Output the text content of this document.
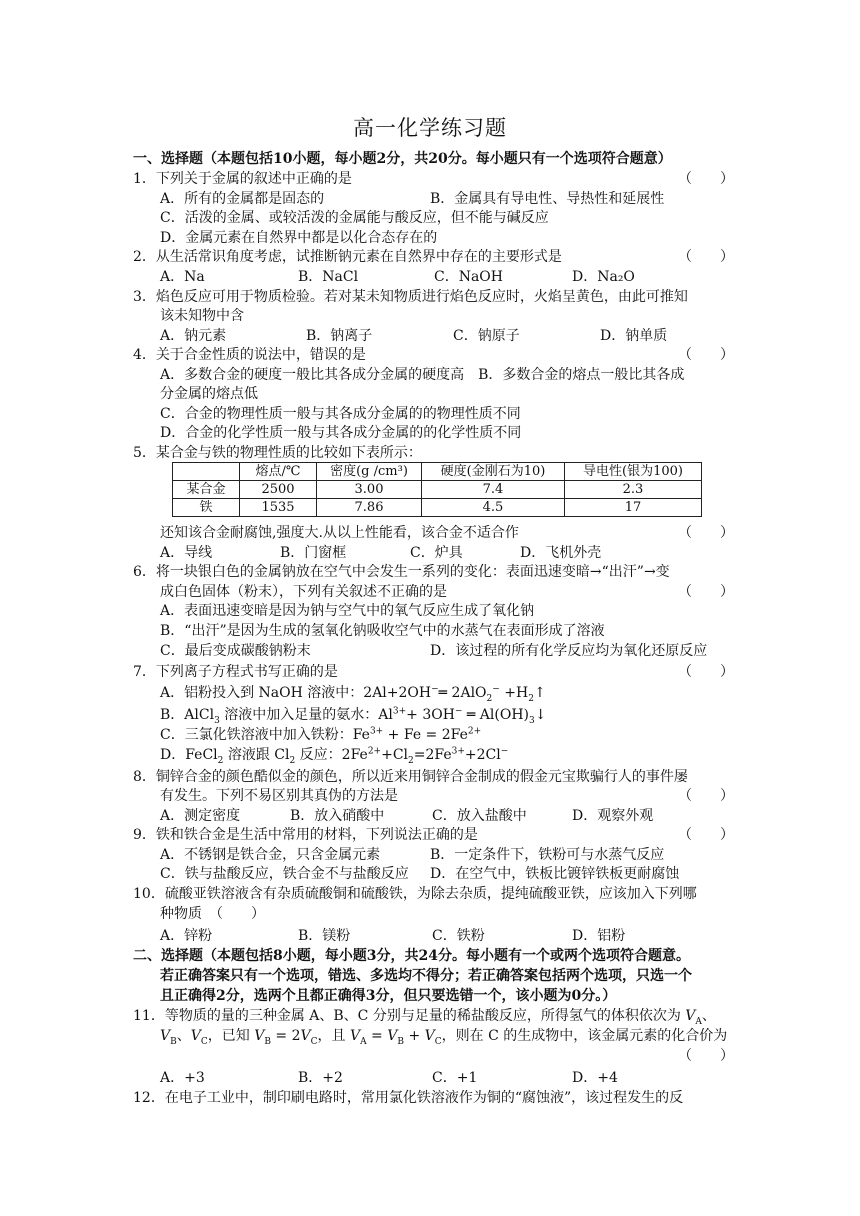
高一化学练习题
一、选择题（本题包括10小题，每小题2分，共20分。每小题只有一个选项符合题意）
1．下列关于金属的叙述中正确的是	（　　）
A．所有的金属都是固态的	B．金属具有导电性、导热性和延展性
C．活泼的金属、或较活泼的金属能与酸反应，但不能与碱反应
D．金属元素在自然界中都是以化合态存在的
2．从生活常识角度考虑，试推断钠元素在自然界中存在的主要形式是	（　　）
A．Na	B．NaCl	C．NaOH	D．Na₂O
3．焰色反应可用于物质检验。若对某未知物质进行焰色反应时，火焰呈黄色，由此可推知
该未知物中含
A．钠元素	B．钠离子	C．钠原子	D．钠单质
4．关于合金性质的说法中，错误的是	（　　）
A．多数合金的硬度一般比其各成分金属的硬度高　B．多数合金的熔点一般比其各成
分金属的熔点低
C．合金的物理性质一般与其各成分金属的的物理性质不同
D．合金的化学性质一般与其各成分金属的的化学性质不同
5．某合金与铁的物理性质的比较如下表所示：
	熔点/℃	密度(g /cm³)	硬度(金刚石为10)	导电性(银为100)
某合金	2500	3.00	7.4	2.3
铁	1535	7.86	4.5	17
还知该合金耐腐蚀,强度大.从以上性能看，该合金不适合作	（　　）
A．导线	B．门窗框	C．炉具	D．飞机外壳
6．将一块银白色的金属钠放在空气中会发生一系列的变化：表面迅速变暗→“出汗”→变
成白色固体（粉末），下列有关叙述不正确的是	（　　）
A．表面迅速变暗是因为钠与空气中的氧气反应生成了氧化钠
B．“出汗”是因为生成的氢氧化钠吸收空气中的水蒸气在表面形成了溶液
C．最后变成碳酸钠粉末	D．该过程的所有化学反应均为氧化还原反应
7．下列离子方程式书写正确的是	（　　）
A．铝粉投入到 NaOH 溶液中：2Al+2OH−═ $2AlO_2^- +H_2↑$
B．AlCl$_3$ 溶液中加入足量的氨水：$Al^{3+}+ 3OH^-$ ═ $Al(OH)_3↓$
C．三氯化铁溶液中加入铁粉：$Fe^{3+} + Fe = 2Fe^{2+}$
D．FeCl$_2$ 溶液跟 $Cl_2$ 反应：$2Fe^{2+}+Cl_2=2Fe^{3+}+2Cl^-$
8．铜锌合金的颜色酷似金的颜色，所以近来用铜锌合金制成的假金元宝欺骗行人的事件屡
有发生。下列不易区别其真伪的方法是	（　　）
A．测定密度	B．放入硝酸中	C．放入盐酸中	D．观察外观
9．铁和铁合金是生活中常用的材料，下列说法正确的是	（　　）
A．不锈钢是铁合金，只含金属元素	B．一定条件下，铁粉可与水蒸气反应
C．铁与盐酸反应，铁合金不与盐酸反应 D．在空气中，铁板比镀锌铁板更耐腐蚀
10．硫酸亚铁溶液含有杂质硫酸铜和硫酸铁，为除去杂质，提纯硫酸亚铁，应该加入下列哪
种物质　（　　）
A．锌粉	B．镁粉	C．铁粉	D．铝粉
二、选择题（本题包括8小题，每小题3分，共24分。每小题有一个或两个选项符合题意。
若正确答案只有一个选项，错选、多选均不得分；若正确答案包括两个选项，只选一个
且正确得2分，选两个且都正确得3分，但只要选错一个，该小题为0分。）
11．等物质的量的三种金属 A、B、C 分别与足量的稀盐酸反应，所得氢气的体积依次为 $V_A$、
$V_B$、$V_C$，已知 $V_B = 2V_C$，且 $V_A = V_B + V_C$，则在 C 的生成物中，该金属元素的化合价为
（　　）
A．+3	B．+2	C．+1	D．+4
12．在电子工业中，制印刷电路时，常用氯化铁溶液作为铜的“腐蚀液”，该过程发生的反
